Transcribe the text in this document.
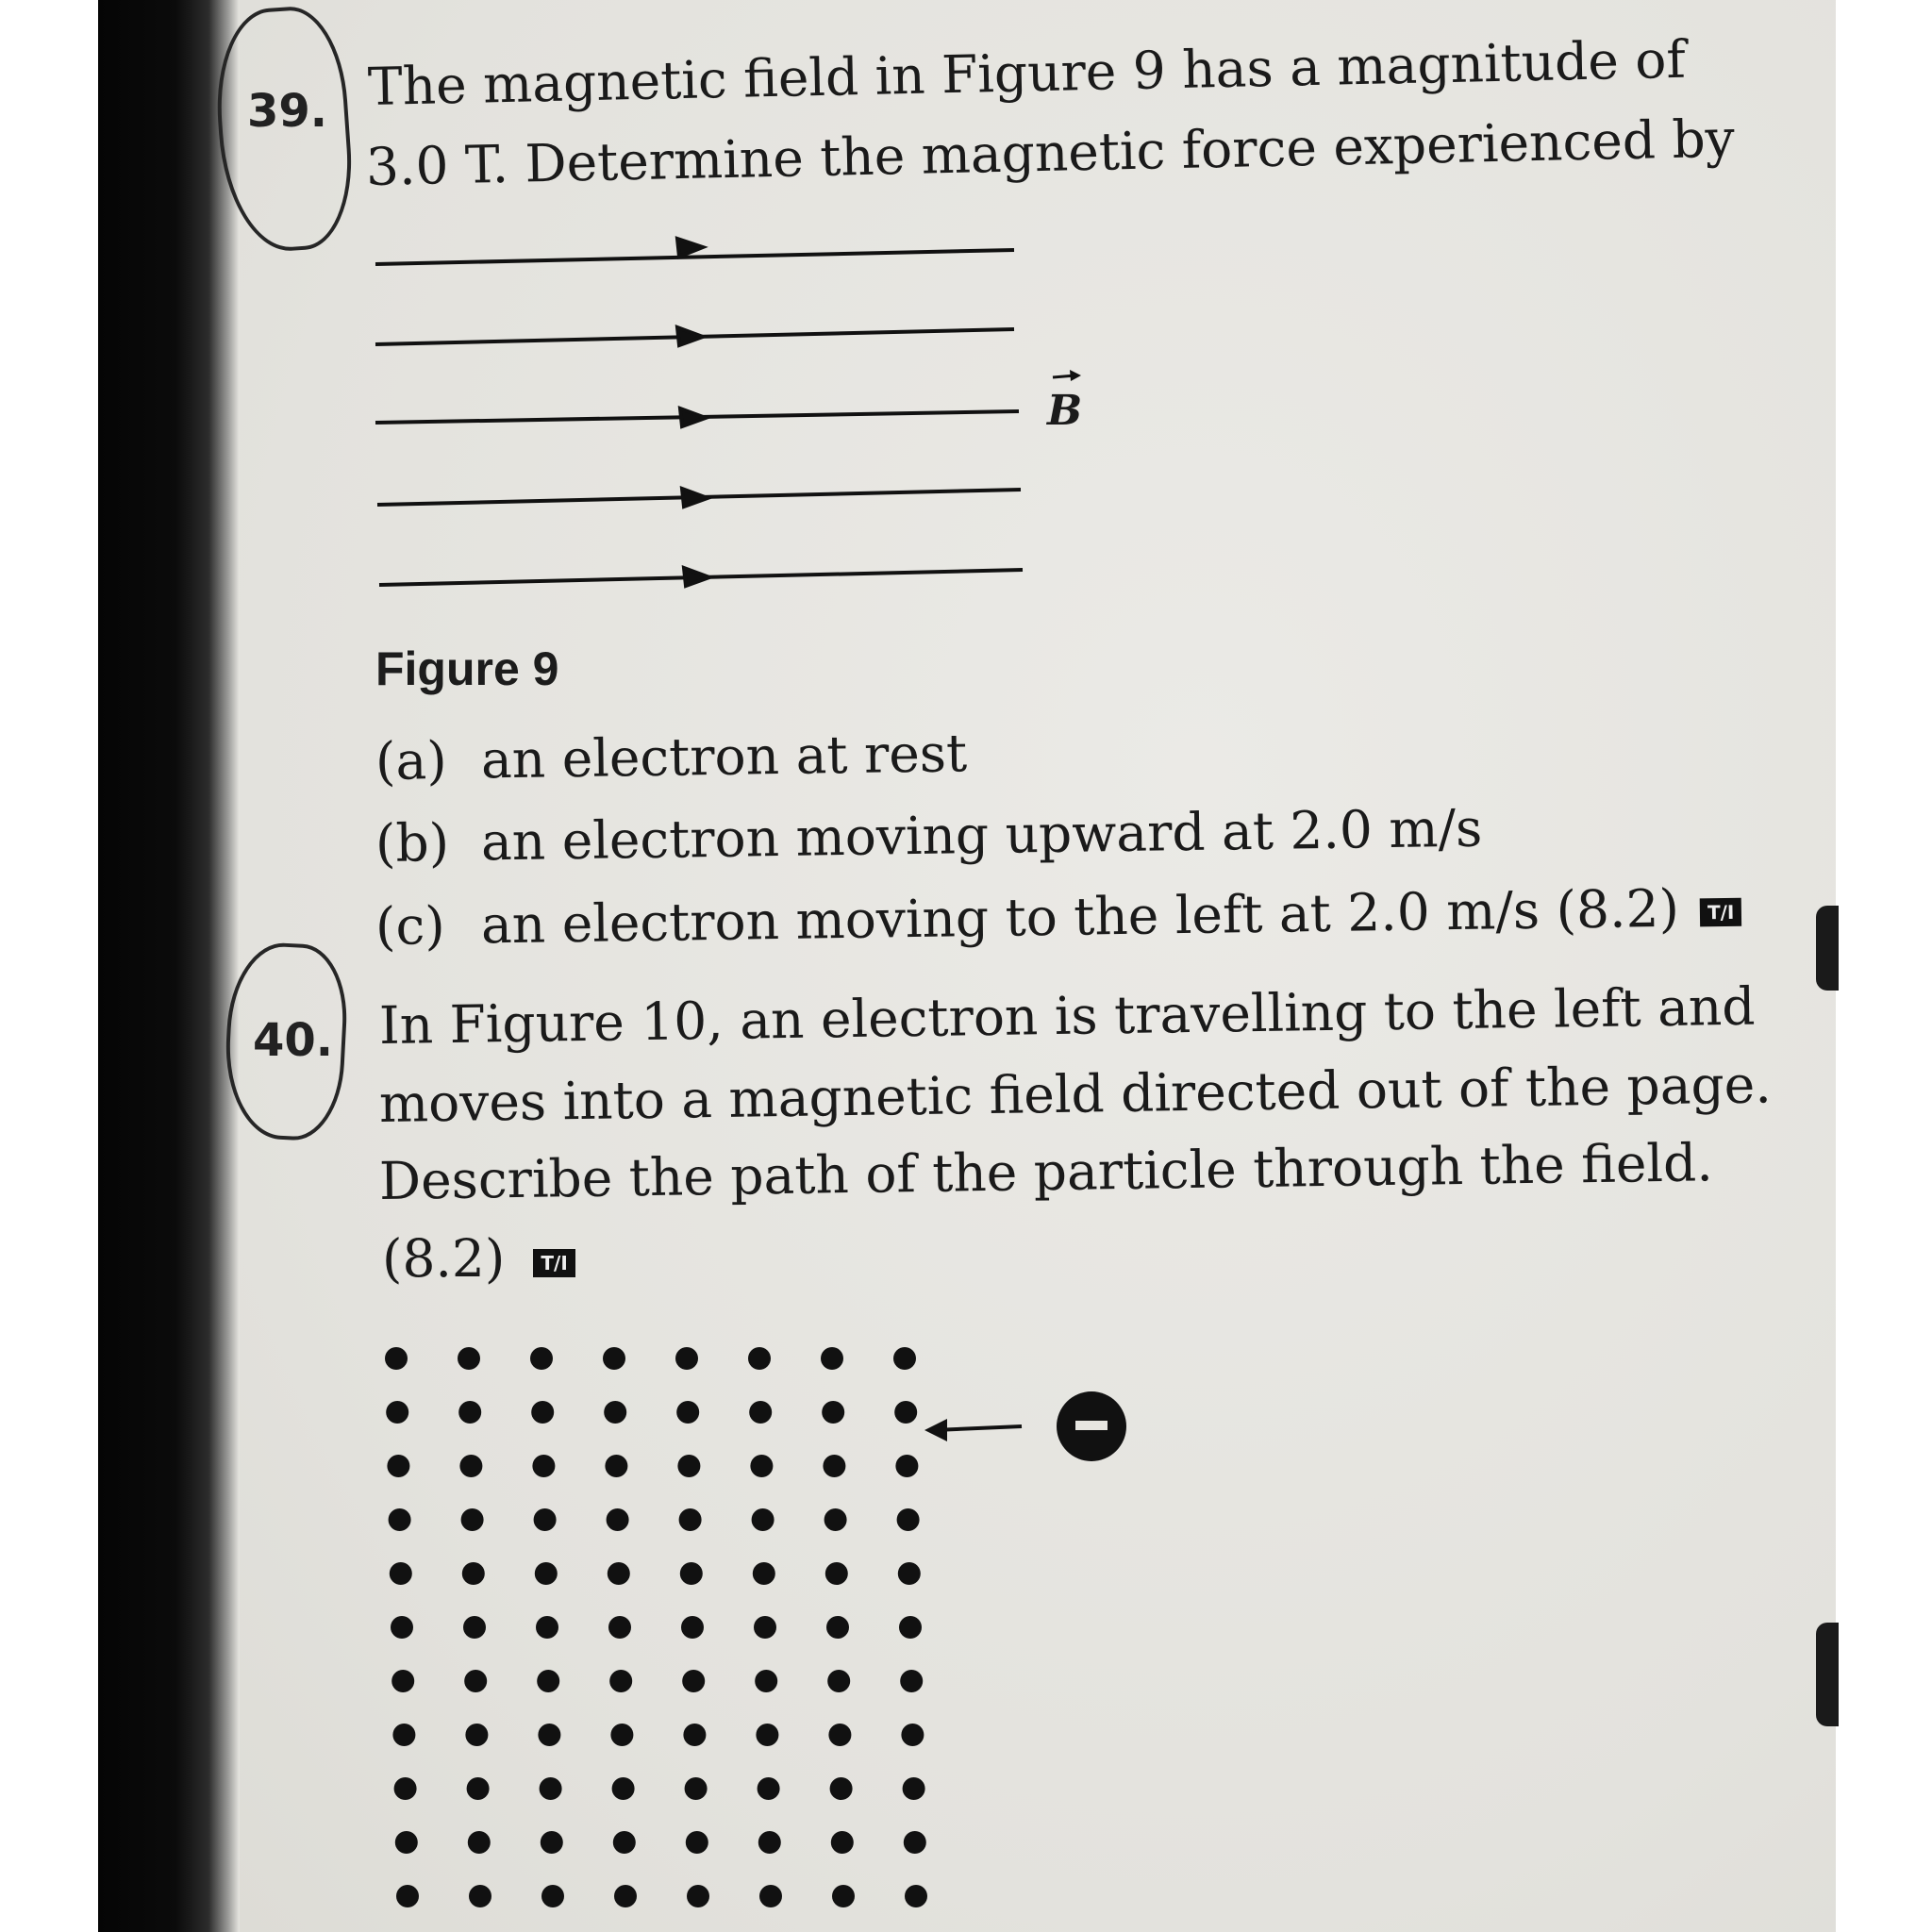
39. The magnetic field in Figure 9 has a magnitude of
3.0 T. Determine the magnetic force experienced by
B
Figure 9
(a) an electron at rest
(b) an electron moving upward at 2.0 m/s
(c) an electron moving to the left at 2.0 m/s (8.2) T/I
40. In Figure 10, an electron is travelling to the left and
moves into a magnetic field directed out of the page.
Describe the path of the particle through the field.
(8.2) T/I
